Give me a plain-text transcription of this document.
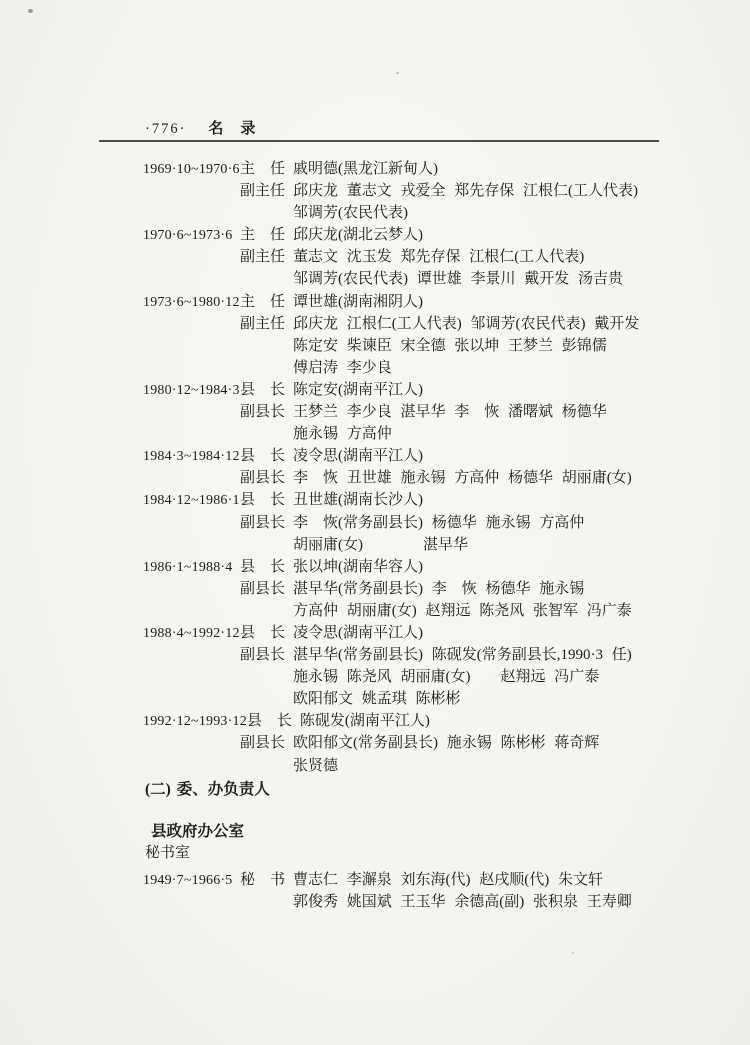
·776· 名　录
1969·10~1970·6 主　任 戚明德(黑龙江新甸人)
副主任 邱庆龙 董志文 戎爱全 郑先存保 江根仁(工人代表)
邹调芳(农民代表)
1970·6~1973·6 主　任 邱庆龙(湖北云梦人)
副主任 董志文 沈玉发 郑先存保 江根仁(工人代表)
邹调芳(农民代表) 谭世雄 李景川 戴开发 汤吉贵
1973·6~1980·12 主　任 谭世雄(湖南湘阴人)
副主任 邱庆龙 江根仁(工人代表) 邹调芳(农民代表) 戴开发
陈定安 柴谏臣 宋全德 张以坤 王梦兰 彭锦儒
傅启涛 李少良
1980·12~1984·3 县　长 陈定安(湖南平江人)
副县长 王梦兰 李少良 湛早华 李　恢 潘曙斌 杨德华
施永锡 方高仲
1984·3~1984·12 县　长 凌令思(湖南平江人)
副县长 李　恢 丑世雄 施永锡 方高仲 杨德华 胡丽庸(女)
1984·12~1986·1 县　长 丑世雄(湖南长沙人)
副县长 李　恢(常务副县长) 杨德华 施永锡 方高仲
胡丽庸(女)　　　　湛早华
1986·1~1988·4 县　长 张以坤(湖南华容人)
副县长 湛早华(常务副县长) 李　恢 杨德华 施永锡
方高仲 胡丽庸(女) 赵翔远 陈尧风 张智军 冯广泰
1988·4~1992·12 县　长 凌令思(湖南平江人)
副县长 湛早华(常务副县长) 陈砚发(常务副县长,1990·3 任)
施永锡 陈尧风 胡丽庸(女)　　赵翔远 冯广泰
欧阳郁文 姚孟琪 陈彬彬
1992·12~1993·12 县　长 陈砚发(湖南平江人)
副县长 欧阳郁文(常务副县长) 施永锡 陈彬彬 蒋奇辉
张贤德
(二) 委、办负责人
县政府办公室
秘书室
1949·7~1966·5 秘　书 曹志仁 李澥泉 刘东海(代) 赵戌顺(代) 朱文轩
郭俊秀 姚国斌 王玉华 余德高(副) 张积泉 王寿卿
